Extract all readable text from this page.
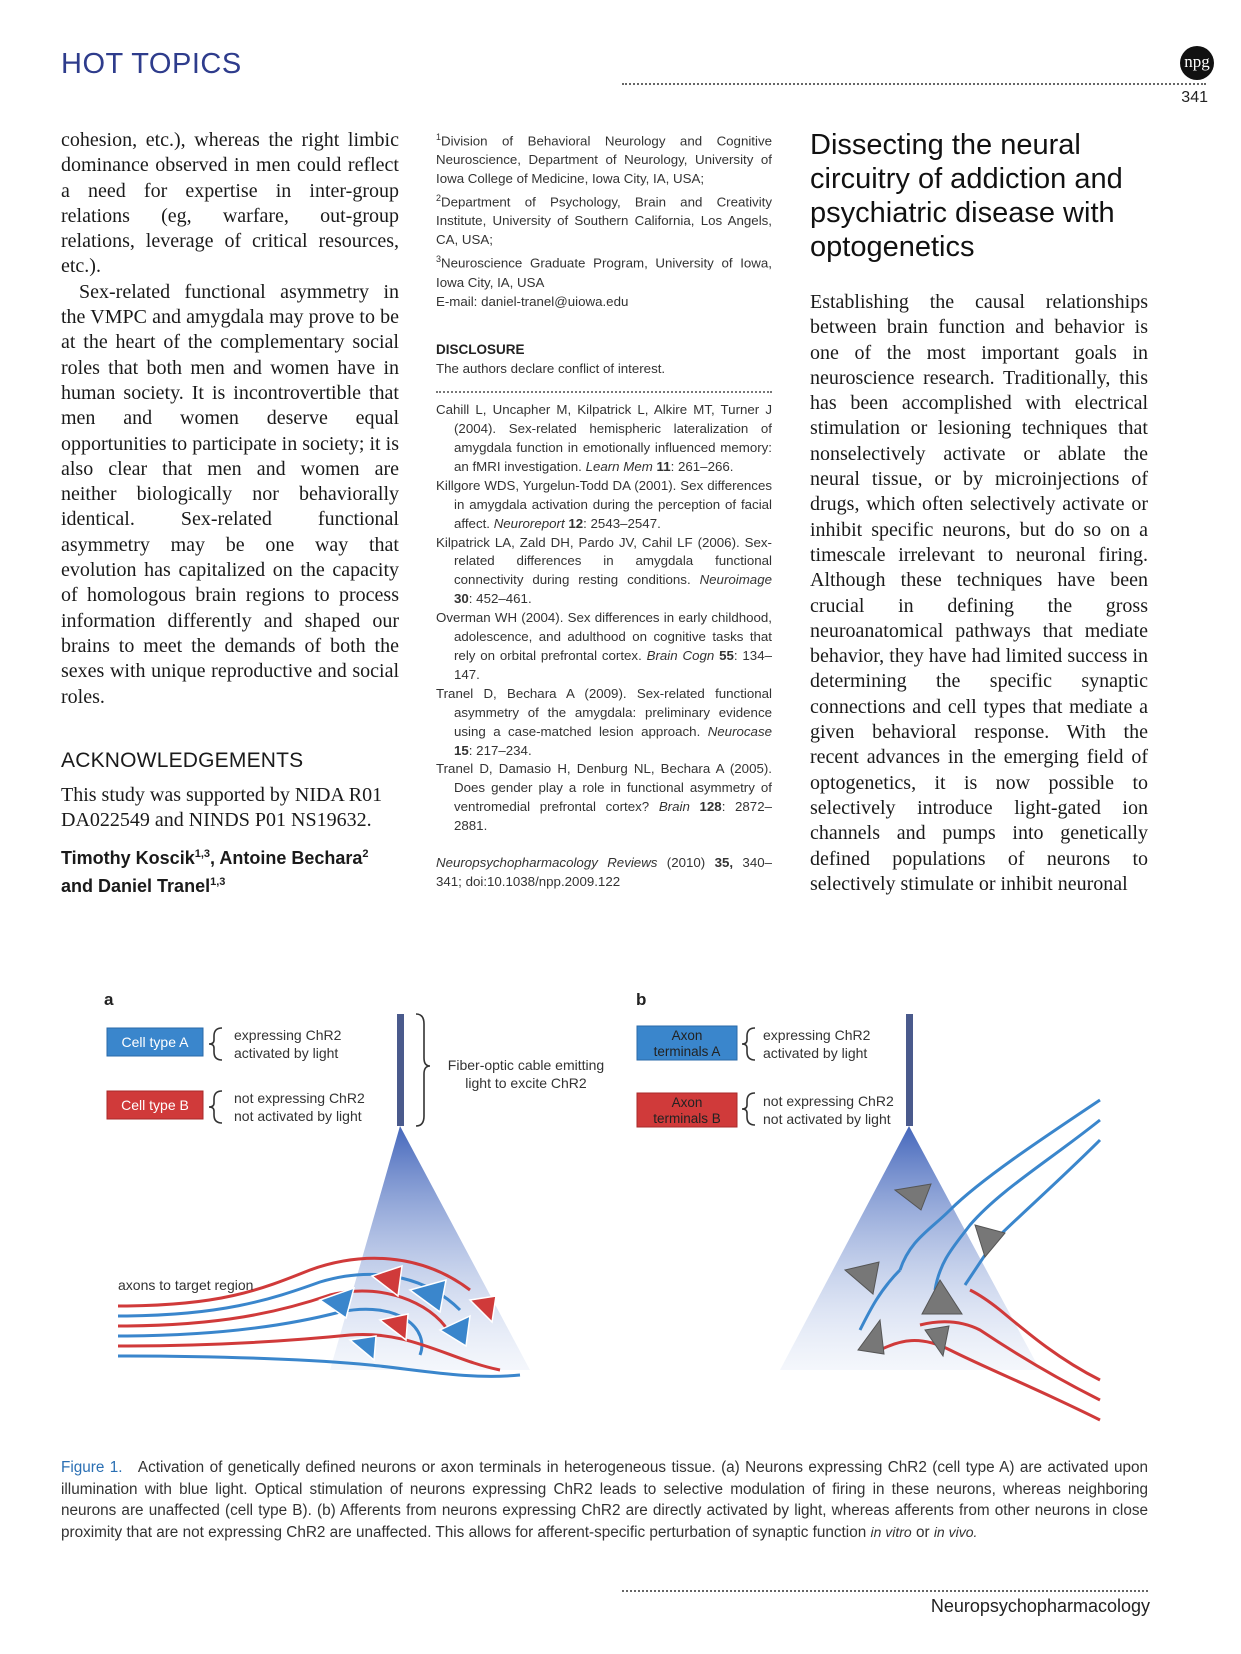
HOT TOPICS	npg
341

cohesion, etc.), whereas the right limbic dominance observed in men could reflect a need for expertise in inter-group relations (eg, warfare, out-group relations, leverage of critical resources, etc.).

Sex-related functional asymmetry in the VMPC and amygdala may prove to be at the heart of the complementary social roles that both men and women have in human society. It is incontrovertible that men and women deserve equal opportunities to participate in society; it is also clear that men and women are neither biologically nor behaviorally identical. Sex-related functional asymmetry may be one way that evolution has capitalized on the capacity of homologous brain regions to process information differently and shaped our brains to meet the demands of both the sexes with unique reproductive and social roles.

ACKNOWLEDGEMENTS

This study was supported by NIDA R01 DA022549 and NINDS P01 NS19632.

Timothy Koscik$^{1,3}$, Antoine Bechara$^2$
and Daniel Tranel$^{1,3}$

$^1$Division of Behavioral Neurology and Cognitive Neuroscience, Department of Neurology, University of Iowa College of Medicine, Iowa City, IA, USA;

$^2$Department of Psychology, Brain and Creativity Institute, University of Southern California, Los Angels, CA, USA;

$^3$Neuroscience Graduate Program, University of Iowa, Iowa City, IA, USA

E-mail: daniel-tranel@uiowa.edu

DISCLOSURE
The authors declare conflict of interest.

Cahill L, Uncapher M, Kilpatrick L, Alkire MT, Turner J (2004). Sex-related hemispheric lateralization of amygdala function in emotionally influenced memory: an fMRI investigation. Learn Mem 11: 261–266.

Killgore WDS, Yurgelun-Todd DA (2001). Sex differences in amygdala activation during the perception of facial affect. Neuroreport 12: 2543–2547.

Kilpatrick LA, Zald DH, Pardo JV, Cahil LF (2006). Sex-related differences in amygdala functional connectivity during resting conditions. Neuroimage 30: 452–461.

Overman WH (2004). Sex differences in early childhood, adolescence, and adulthood on cognitive tasks that rely on orbital prefrontal cortex. Brain Cogn 55: 134–147.

Tranel D, Bechara A (2009). Sex-related functional asymmetry of the amygdala: preliminary evidence using a case-matched lesion approach. Neurocase 15: 217–234.

Tranel D, Damasio H, Denburg NL, Bechara A (2005). Does gender play a role in functional asymmetry of ventromedial prefrontal cortex? Brain 128: 2872–2881.

Neuropsychopharmacology Reviews (2010) 35, 340–341; doi:10.1038/npp.2009.122
Dissecting the neural circuitry of addiction and psychiatric disease with optogenetics
Establishing the causal relationships between brain function and behavior is one of the most important goals in neuroscience research. Traditionally, this has been accomplished with electrical stimulation or lesioning techniques that nonselectively activate or ablate the neural tissue, or by microinjections of drugs, which often selectively activate or inhibit specific neurons, but do so on a timescale irrelevant to neuronal firing. Although these techniques have been crucial in defining the gross neuroanatomical pathways that mediate behavior, they have had limited success in determining the specific synaptic connections and cell types that mediate a given behavioral response. With the recent advances in the emerging field of optogenetics, it is now possible to selectively introduce light-gated ion channels and pumps into genetically defined populations of neurons to selectively stimulate or inhibit neuronal
a
Cell type A	expressing ChR2
activated by light
Cell type B	not expressing ChR2
not activated by light
Fiber-optic cable emitting
light to excite ChR2
axons to target region
b
Axon
terminals A
expressing ChR2
activated by light
Axon
terminals B
not expressing ChR2
not activated by light
Figure 1. Activation of genetically defined neurons or axon terminals in heterogeneous tissue. (a) Neurons expressing ChR2 (cell type A) are activated upon illumination with blue light. Optical stimulation of neurons expressing ChR2 leads to selective modulation of firing in these neurons, whereas neighboring neurons are unaffected (cell type B). (b) Afferents from neurons expressing ChR2 are directly activated by light, whereas afferents from other neurons in close proximity that are not expressing ChR2 are unaffected. This allows for afferent-specific perturbation of synaptic function in vitro or in vivo.
Neuropsychopharmacology
